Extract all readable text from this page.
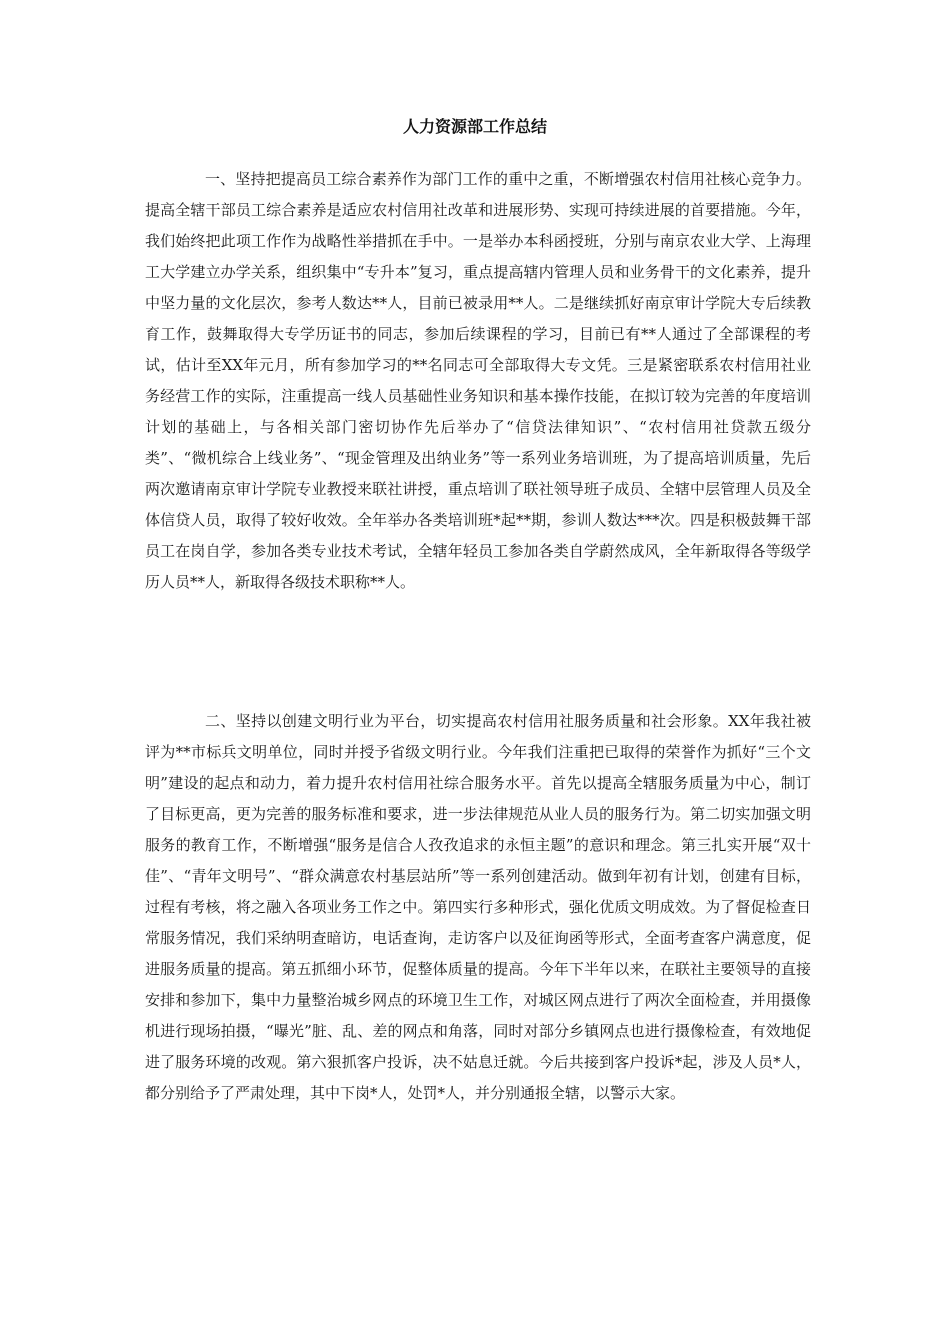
人力资源部工作总结

一、坚持把提高员工综合素养作为部门工作的重中之重，不断增强农村信用社核心竞争力。提高全辖干部员工综合素养是适应农村信用社改革和进展形势、实现可持续进展的首要措施。今年，我们始终把此项工作作为战略性举措抓在手中。一是举办本科函授班，分别与南京农业大学、上海理工大学建立办学关系，组织集中“专升本”复习，重点提高辖内管理人员和业务骨干的文化素养，提升中坚力量的文化层次，参考人数达**人，目前已被录用**人。二是继续抓好南京审计学院大专后续教育工作，鼓舞取得大专学历证书的同志，参加后续课程的学习，目前已有**人通过了全部课程的考试，估计至XX年元月，所有参加学习的**名同志可全部取得大专文凭。三是紧密联系农村信用社业务经营工作的实际，注重提高一线人员基础性业务知识和基本操作技能，在拟订较为完善的年度培训计划的基础上，与各相关部门密切协作先后举办了“信贷法律知识”、“农村信用社贷款五级分类”、“微机综合上线业务”、“现金管理及出纳业务”等一系列业务培训班，为了提高培训质量，先后两次邀请南京审计学院专业教授来联社讲授，重点培训了联社领导班子成员、全辖中层管理人员及全体信贷人员，取得了较好收效。全年举办各类培训班*起**期，参训人数达***次。四是积极鼓舞干部员工在岗自学，参加各类专业技术考试，全辖年轻员工参加各类自学蔚然成风，全年新取得各等级学历人员**人，新取得各级技术职称**人。

二、坚持以创建文明行业为平台，切实提高农村信用社服务质量和社会形象。XX年我社被评为**市标兵文明单位，同时并授予省级文明行业。今年我们注重把已取得的荣誉作为抓好“三个文明”建设的起点和动力，着力提升农村信用社综合服务水平。首先以提高全辖服务质量为中心，制订了目标更高，更为完善的服务标准和要求，进一步法律规范从业人员的服务行为。第二切实加强文明服务的教育工作，不断增强“服务是信合人孜孜追求的永恒主题”的意识和理念。第三扎实开展“双十佳”、“青年文明号”、“群众满意农村基层站所”等一系列创建活动。做到年初有计划，创建有目标，过程有考核，将之融入各项业务工作之中。第四实行多种形式，强化优质文明成效。为了督促检查日常服务情况，我们采纳明查暗访，电话查询，走访客户以及征询函等形式，全面考查客户满意度，促进服务质量的提高。第五抓细小环节，促整体质量的提高。今年下半年以来，在联社主要领导的直接安排和参加下，集中力量整治城乡网点的环境卫生工作，对城区网点进行了两次全面检查，并用摄像机进行现场拍摄，“曝光”脏、乱、差的网点和角落，同时对部分乡镇网点也进行摄像检查，有效地促进了服务环境的改观。第六狠抓客户投诉，决不姑息迁就。今后共接到客户投诉*起，涉及人员*人，都分别给予了严肃处理，其中下岗*人，处罚*人，并分别通报全辖，以警示大家。
